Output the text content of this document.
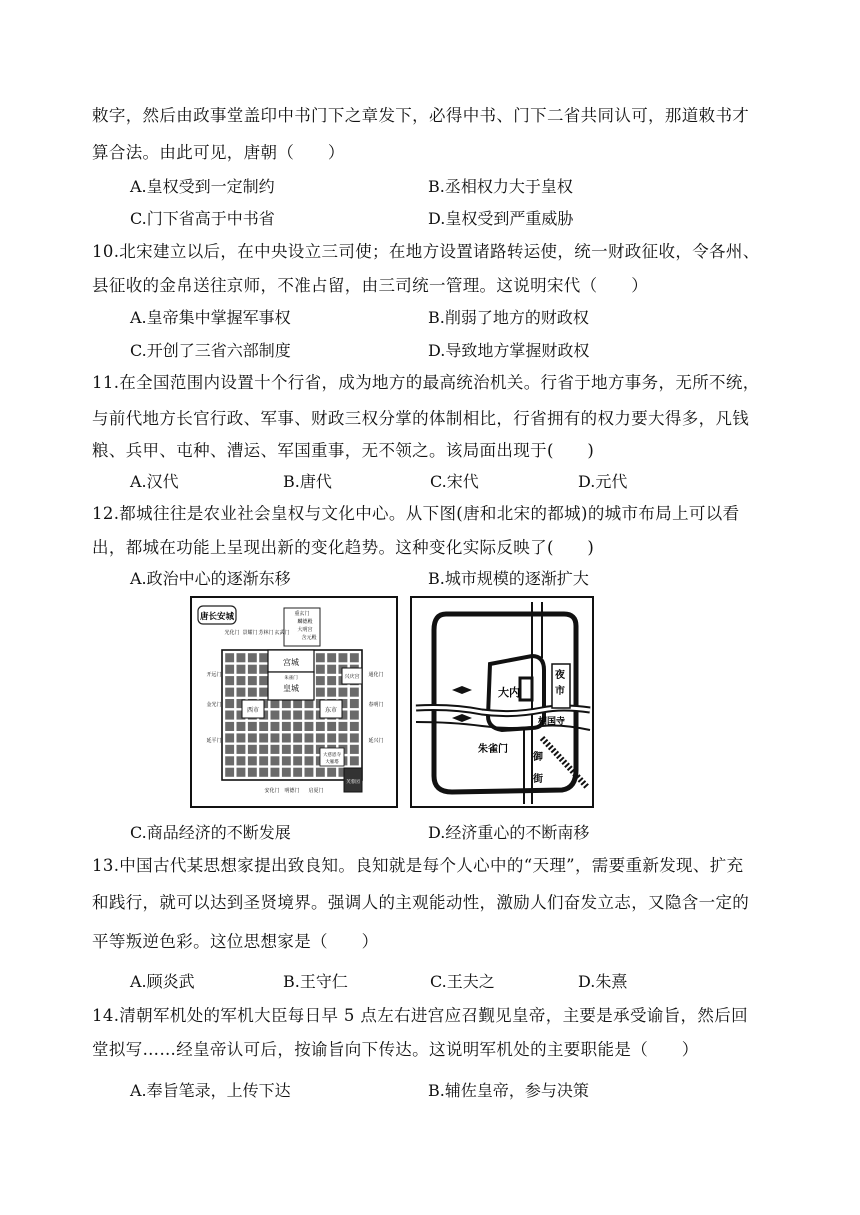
敕字，然后由政事堂盖印中书门下之章发下，必得中书、门下二省共同认可，那道敕书才
算合法。由此可见，唐朝（　　）
A.皇权受到一定制约	B.丞相权力大于皇权
C.门下省高于中书省	D.皇权受到严重威胁
10.北宋建立以后，在中央设立三司使；在地方设置诸路转运使，统一财政征收，令各州、
县征收的金帛送往京师，不准占留，由三司统一管理。这说明宋代（　　）
A.皇帝集中掌握军事权	B.削弱了地方的财政权
C.开创了三省六部制度	D.导致地方掌握财政权
11.在全国范围内设置十个行省，成为地方的最高统治机关。行省于地方事务，无所不统，
与前代地方长官行政、军事、财政三权分掌的体制相比，行省拥有的权力要大得多，凡钱
粮、兵甲、屯种、漕运、军国重事，无不领之。该局面出现于(　　)
A.汉代	B.唐代	C.宋代	D.元代
12.都城往往是农业社会皇权与文化中心。从下图(唐和北宋的都城)的城市布局上可以看
出，都城在功能上呈现出新的变化趋势。这种变化实际反映了(　　)
A.政治中心的逐渐东移	B.城市规模的逐渐扩大
唐长安城	重玄门
麟德殿
大明宫
含元殿
光化门 景耀门 芳林门 玄武门
宫城
皇城
朱雀门
西市	东市
兴庆宫
开远门
金光门
延平门
通化门
春明门
延兴门
大慈恩寺
大雁塔
芙蓉园
安化门 明德门 启夏门
大内
夜
市
相国寺
朱雀门
御
街
C.商品经济的不断发展	D.经济重心的不断南移
13.中国古代某思想家提出致良知。良知就是每个人心中的“天理”，需要重新发现、扩充
和践行，就可以达到圣贤境界。强调人的主观能动性，激励人们奋发立志，又隐含一定的
平等叛逆色彩。这位思想家是（　　）
A.顾炎武	B.王守仁	C.王夫之	D.朱熹
14.清朝军机处的军机大臣每日早 5 点左右进宫应召觐见皇帝，主要是承受谕旨，然后回
堂拟写……经皇帝认可后，按谕旨向下传达。这说明军机处的主要职能是（　　）
A.奉旨笔录，上传下达	B.辅佐皇帝，参与决策
